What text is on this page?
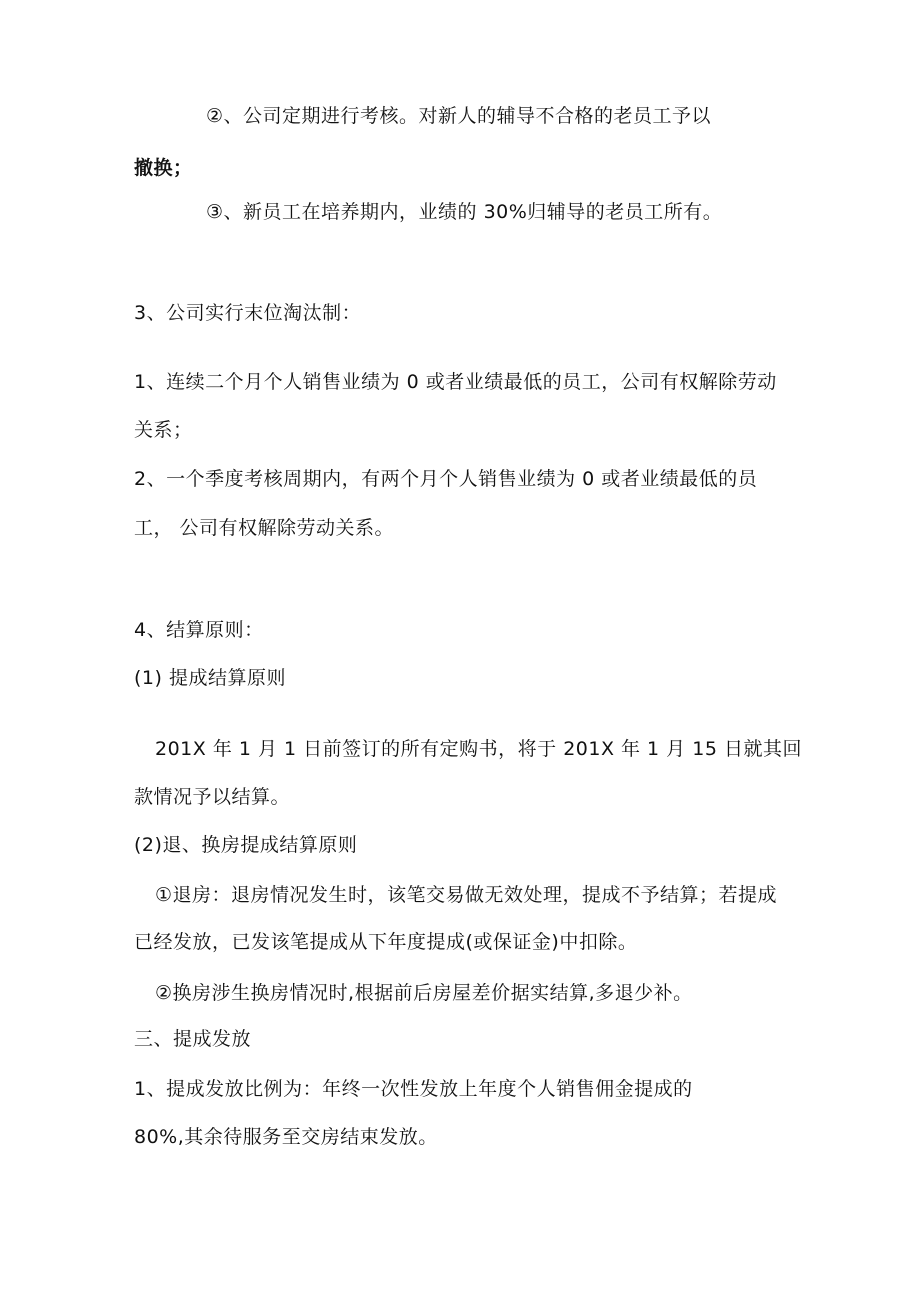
②、公司定期进行考核。对新人的辅导不合格的老员工予以
撤换；
③、新员工在培养期内，业绩的 30%归辅导的老员工所有。
3、公司实行末位淘汰制：
1、连续二个月个人销售业绩为 0 或者业绩最低的员工，公司有权解除劳动
关系；
2、一个季度考核周期内，有两个月个人销售业绩为 0 或者业绩最低的员
工， 公司有权解除劳动关系。
4、结算原则：
(1) 提成结算原则
201X 年 1 月 1 日前签订的所有定购书，将于 201X 年 1 月 15 日就其回
款情况予以结算。
(2)退、换房提成结算原则
①退房：退房情况发生时，该笔交易做无效处理，提成不予结算；若提成
已经发放，已发该笔提成从下年度提成(或保证金)中扣除。
②换房涉生换房情况时,根据前后房屋差价据实结算,多退少补。
三、提成发放
1、提成发放比例为：年终一次性发放上年度个人销售佣金提成的
80%,其余待服务至交房结束发放。
